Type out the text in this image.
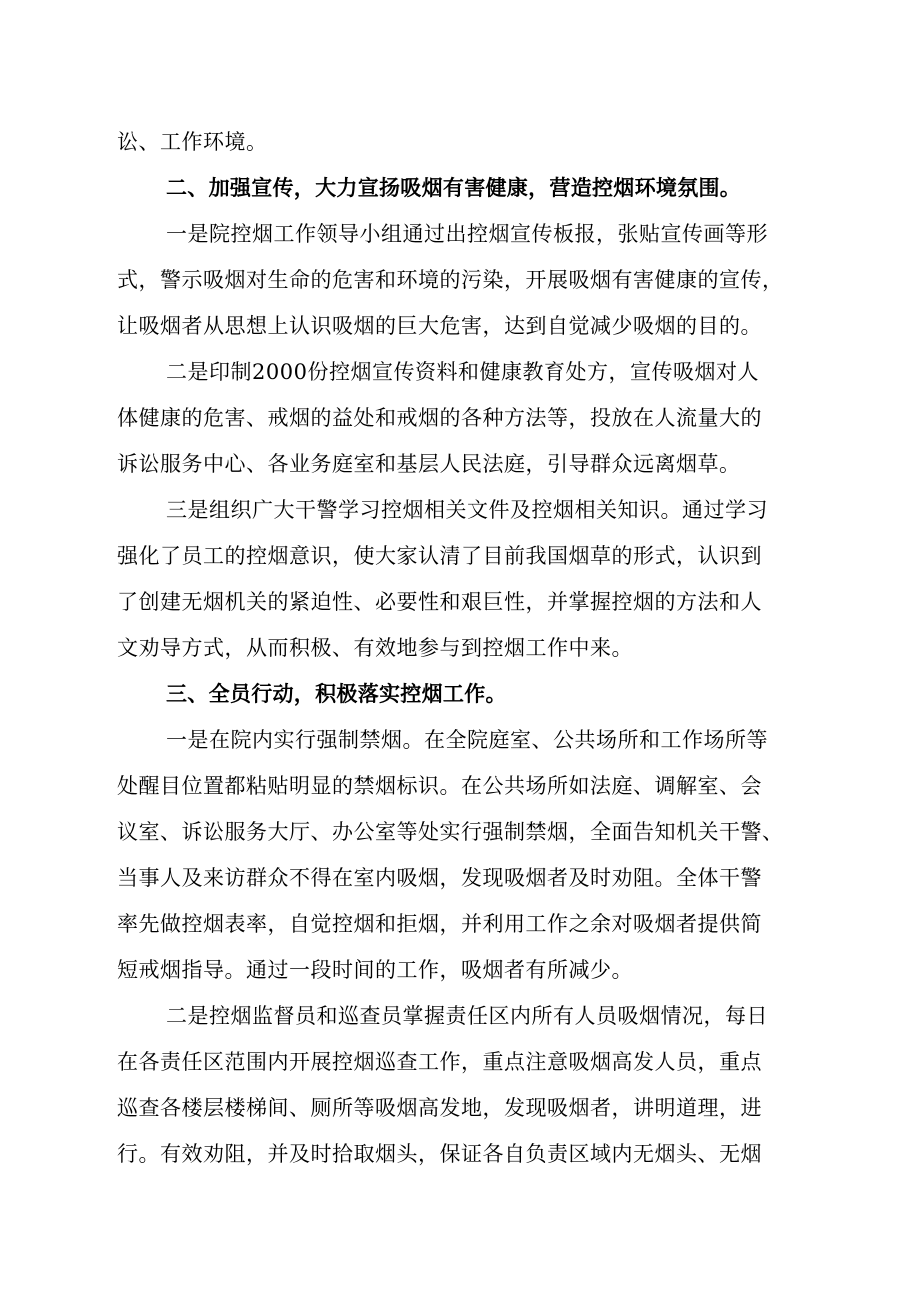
讼、工作环境。
二、加强宣传，大力宣扬吸烟有害健康，营造控烟环境氛围。
一是院控烟工作领导小组通过出控烟宣传板报，张贴宣传画等形
式，警示吸烟对生命的危害和环境的污染，开展吸烟有害健康的宣传，
让吸烟者从思想上认识吸烟的巨大危害，达到自觉减少吸烟的目的。
二是印制2000份控烟宣传资料和健康教育处方，宣传吸烟对人
体健康的危害、戒烟的益处和戒烟的各种方法等，投放在人流量大的
诉讼服务中心、各业务庭室和基层人民法庭，引导群众远离烟草。
三是组织广大干警学习控烟相关文件及控烟相关知识。通过学习
强化了员工的控烟意识，使大家认清了目前我国烟草的形式，认识到
了创建无烟机关的紧迫性、必要性和艰巨性，并掌握控烟的方法和人
文劝导方式，从而积极、有效地参与到控烟工作中来。
三、全员行动，积极落实控烟工作。
一是在院内实行强制禁烟。在全院庭室、公共场所和工作场所等
处醒目位置都粘贴明显的禁烟标识。在公共场所如法庭、调解室、会
议室、诉讼服务大厅、办公室等处实行强制禁烟，全面告知机关干警、
当事人及来访群众不得在室内吸烟，发现吸烟者及时劝阻。全体干警
率先做控烟表率，自觉控烟和拒烟，并利用工作之余对吸烟者提供简
短戒烟指导。通过一段时间的工作，吸烟者有所减少。
二是控烟监督员和巡查员掌握责任区内所有人员吸烟情况，每日
在各责任区范围内开展控烟巡查工作，重点注意吸烟高发人员，重点
巡查各楼层楼梯间、厕所等吸烟高发地，发现吸烟者，讲明道理，进
行。有效劝阻，并及时拾取烟头，保证各自负责区域内无烟头、无烟
